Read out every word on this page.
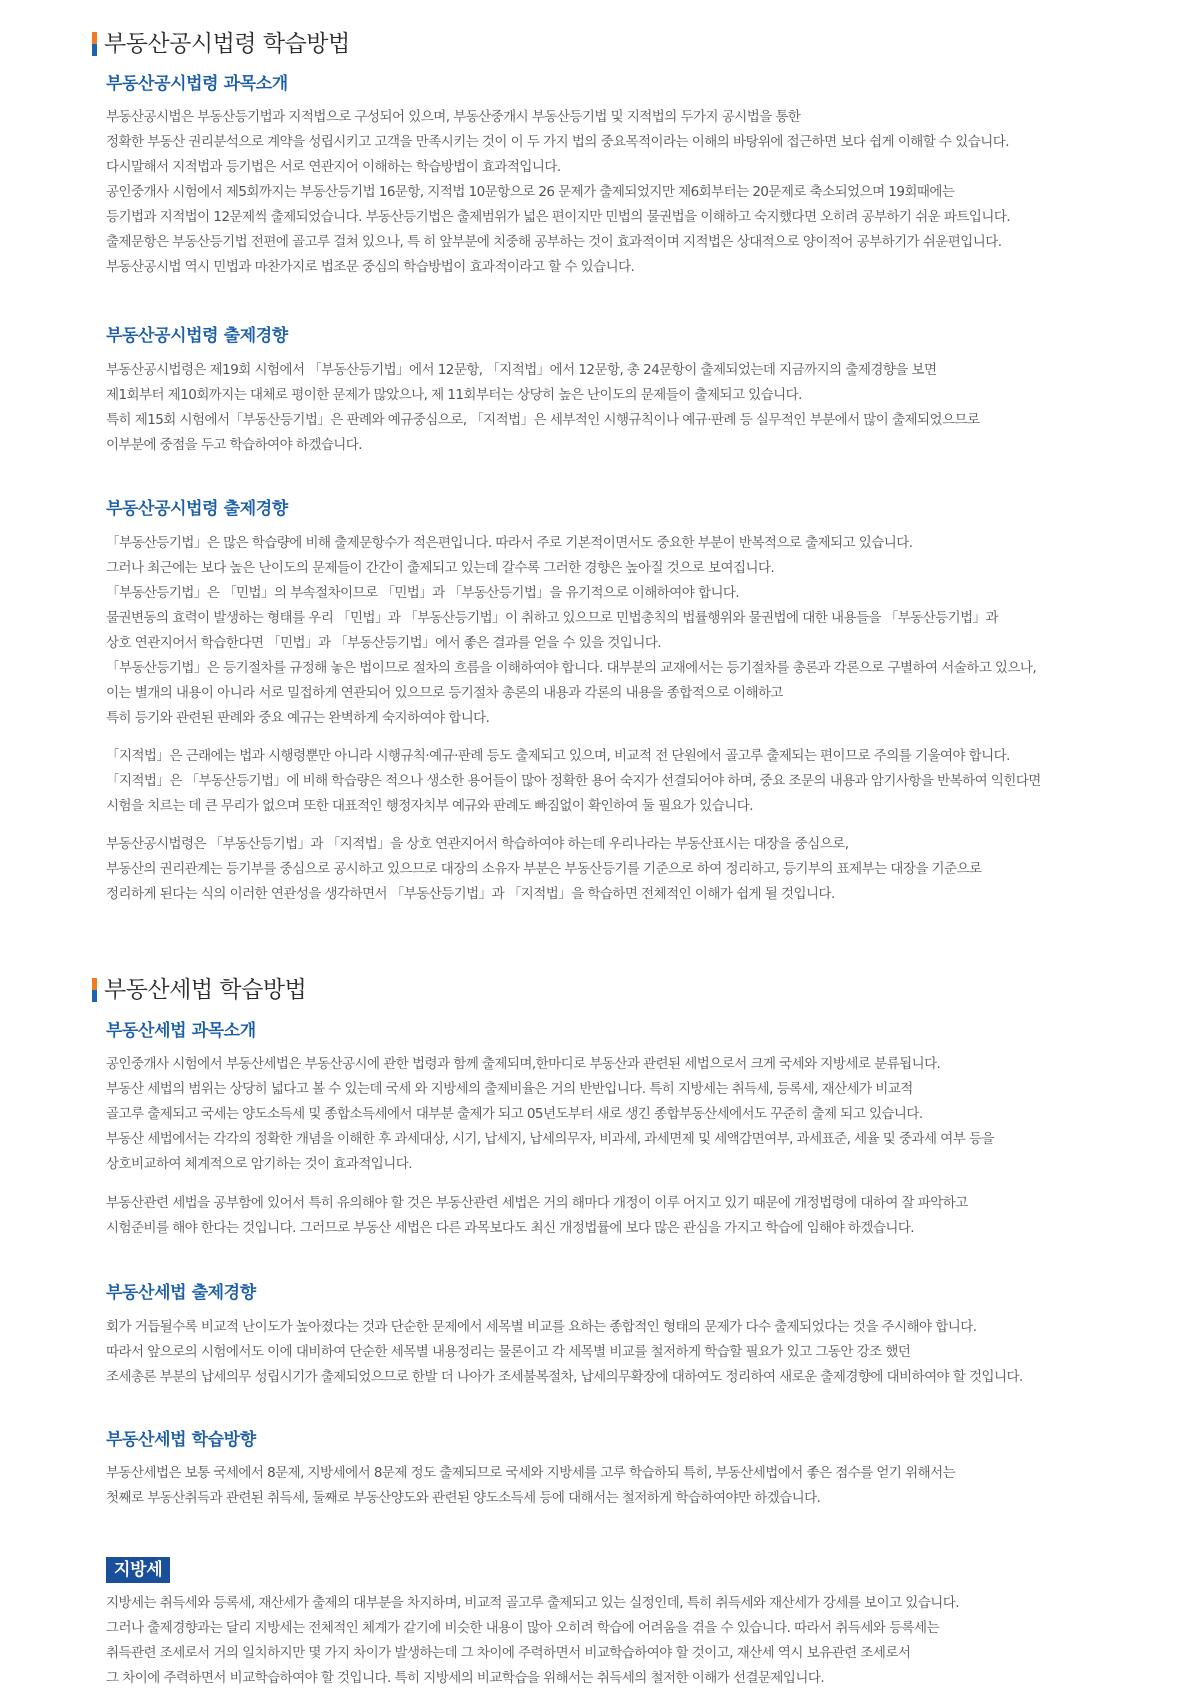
부동산공시법령 학습방법
부동산공시법령 과목소개
부동산공시법은 부동산등기법과 지적법으로 구성되어 있으며, 부동산중개시 부동산등기법 및 지적법의 두가지 공시법을 통한
정확한 부동산 권리분석으로 계약을 성립시키고 고객을 만족시키는 것이 이 두 가지 법의 중요목적이라는 이해의 바탕위에 접근하면 보다 쉽게 이해할 수 있습니다.
다시말해서 지적법과 등기법은 서로 연관지어 이해하는 학습방법이 효과적입니다.
공인중개사 시험에서 제5회까지는 부동산등기법 16문항, 지적법 10문항으로 26 문제가 출제되었지만 제6회부터는 20문제로 축소되었으며 19회때에는
등기법과 지적법이 12문제씩 출제되었습니다. 부동산등기법은 출제범위가 넓은 편이지만 민법의 물권법을 이해하고 숙지했다면 오히려 공부하기 쉬운 파트입니다.
출제문항은 부동산등기법 전편에 골고루 걸쳐 있으나, 특 히 앞부분에 치중해 공부하는 것이 효과적이며 지적법은 상대적으로 양이적어 공부하기가 쉬운편입니다.
부동산공시법 역시 민법과 마찬가지로 법조문 중심의 학습방법이 효과적이라고 할 수 있습니다.
부동산공시법령 출제경향
부동산공시법령은 제19회 시험에서 「부동산등기법」에서 12문항, 「지적법」에서 12문항, 총 24문항이 출제되었는데 지금까지의 출제경향을 보면
제1회부터 제10회까지는 대체로 평이한 문제가 많았으나, 제 11회부터는 상당히 높은 난이도의 문제들이 출제되고 있습니다.
특히 제15회 시험에서「부동산등기법」은 판례와 예규중심으로, 「지적법」은 세부적인 시행규칙이나 예규·판례 등 실무적인 부분에서 많이 출제되었으므로
이부분에 중점을 두고 학습하여야 하겠습니다.
부동산공시법령 출제경향
「부동산등기법」은 많은 학습량에 비해 출제문항수가 적은편입니다. 따라서 주로 기본적이면서도 중요한 부분이 반복적으로 출제되고 있습니다.
그러나 최근에는 보다 높은 난이도의 문제들이 간간이 출제되고 있는데 갈수록 그러한 경향은 높아질 것으로 보여집니다.
「부동산등기법」은 「민법」의 부속절차이므로 「민법」과 「부동산등기법」을 유기적으로 이해하여야 합니다.
물권변동의 효력이 발생하는 형태를 우리 「민법」과 「부동산등기법」이 취하고 있으므로 민법총칙의 법률행위와 물권법에 대한 내용들을 「부동산등기법」과
상호 연관지어서 학습한다면 「민법」과 「부동산등기법」에서 좋은 결과를 얻을 수 있을 것입니다.
「부동산등기법」은 등기절차를 규정해 놓은 법이므로 절차의 흐름을 이해하여야 합니다. 대부분의 교재에서는 등기절차를 총론과 각론으로 구별하여 서술하고 있으나,
이는 별개의 내용이 아니라 서로 밀접하게 연관되어 있으므로 등기절차 총론의 내용과 각론의 내용을 종합적으로 이해하고
특히 등기와 관련된 판례와 중요 예규는 완벽하게 숙지하여야 합니다.
「지적법」은 근래에는 법과 시행령뿐만 아니라 시행규칙·예규·판례 등도 출제되고 있으며, 비교적 전 단원에서 골고루 출제되는 편이므로 주의를 기울여야 합니다.
「지적법」은 「부동산등기법」에 비해 학습량은 적으나 생소한 용어들이 많아 정확한 용어 숙지가 선결되어야 하며, 중요 조문의 내용과 암기사항을 반복하여 익힌다면
시험을 치르는 데 큰 무리가 없으며 또한 대표적인 행정자치부 예규와 판례도 빠짐없이 확인하여 둘 필요가 있습니다.
부동산공시법령은 「부동산등기법」과 「지적법」을 상호 연관지어서 학습하여야 하는데 우리나라는 부동산표시는 대장을 중심으로,
부동산의 권리관계는 등기부를 중심으로 공시하고 있으므로 대장의 소유자 부분은 부동산등기를 기준으로 하여 정리하고, 등기부의 표제부는 대장을 기준으로
정리하게 된다는 식의 이러한 연관성을 생각하면서 「부동산등기법」과 「지적법」을 학습하면 전체적인 이해가 쉽게 될 것입니다.
부동산세법 학습방법
부동산세법 과목소개
공인중개사 시험에서 부동산세법은 부동산공시에 관한 법령과 함께 출제되며,한마디로 부동산과 관련된 세법으로서 크게 국세와 지방세로 분류됩니다.
부동산 세법의 범위는 상당히 넓다고 볼 수 있는데 국세 와 지방세의 출제비율은 거의 반반입니다. 특히 지방세는 취득세, 등록세, 재산세가 비교적
골고루 출제되고 국세는 양도소득세 및 종합소득세에서 대부분 출제가 되고 05년도부터 새로 생긴 종합부동산세에서도 꾸준히 출제 되고 있습니다.
부동산 세법에서는 각각의 정확한 개념을 이해한 후 과세대상, 시기, 납세지, 납세의무자, 비과세, 과세면제 및 세액감면여부, 과세표준, 세율 및 중과세 여부 등을
상호비교하여 체계적으로 암기하는 것이 효과적입니다.
부동산관련 세법을 공부함에 있어서 특히 유의해야 할 것은 부동산관련 세법은 거의 해마다 개정이 이루 어지고 있기 때문에 개정법령에 대하여 잘 파악하고
시험준비를 해야 한다는 것입니다. 그러므로 부동산 세법은 다른 과목보다도 최신 개정법률에 보다 많은 관심을 가지고 학습에 임해야 하겠습니다.
부동산세법 출제경향
회가 거듭될수록 비교적 난이도가 높아졌다는 것과 단순한 문제에서 세목별 비교를 요하는 종합적인 형태의 문제가 다수 출제되었다는 것을 주시해야 합니다.
따라서 앞으로의 시험에서도 이에 대비하여 단순한 세목별 내용정리는 물론이고 각 세목별 비교를 철저하게 학습할 필요가 있고 그동안 강조 했던
조세총론 부분의 납세의무 성립시기가 출제되었으므로 한발 더 나아가 조세불복절차, 납세의무확장에 대하여도 정리하여 새로운 출제경향에 대비하여야 할 것입니다.
부동산세법 학습방향
부동산세법은 보통 국세에서 8문제, 지방세에서 8문제 정도 출제되므로 국세와 지방세를 고루 학습하되 특히, 부동산세법에서 좋은 점수를 얻기 위해서는
첫째로 부동산취득과 관련된 취득세, 둘째로 부동산양도와 관련된 양도소득세 등에 대해서는 철저하게 학습하여야만 하겠습니다.
지방세
지방세는 취득세와 등록세, 재산세가 출제의 대부분을 차지하며, 비교적 골고루 출제되고 있는 실정인데, 특히 취득세와 재산세가 강세를 보이고 있습니다.
그러나 출제경향과는 달리 지방세는 전체적인 체계가 같기에 비슷한 내용이 많아 오히려 학습에 어려움을 겪을 수 있습니다. 따라서 취득세와 등록세는
취득관련 조세로서 거의 일치하지만 몇 가지 차이가 발생하는데 그 차이에 주력하면서 비교학습하여야 할 것이고, 재산세 역시 보유관련 조세로서
그 차이에 주력하면서 비교학습하여야 할 것입니다. 특히 지방세의 비교학습을 위해서는 취득세의 철저한 이해가 선결문제입니다.
